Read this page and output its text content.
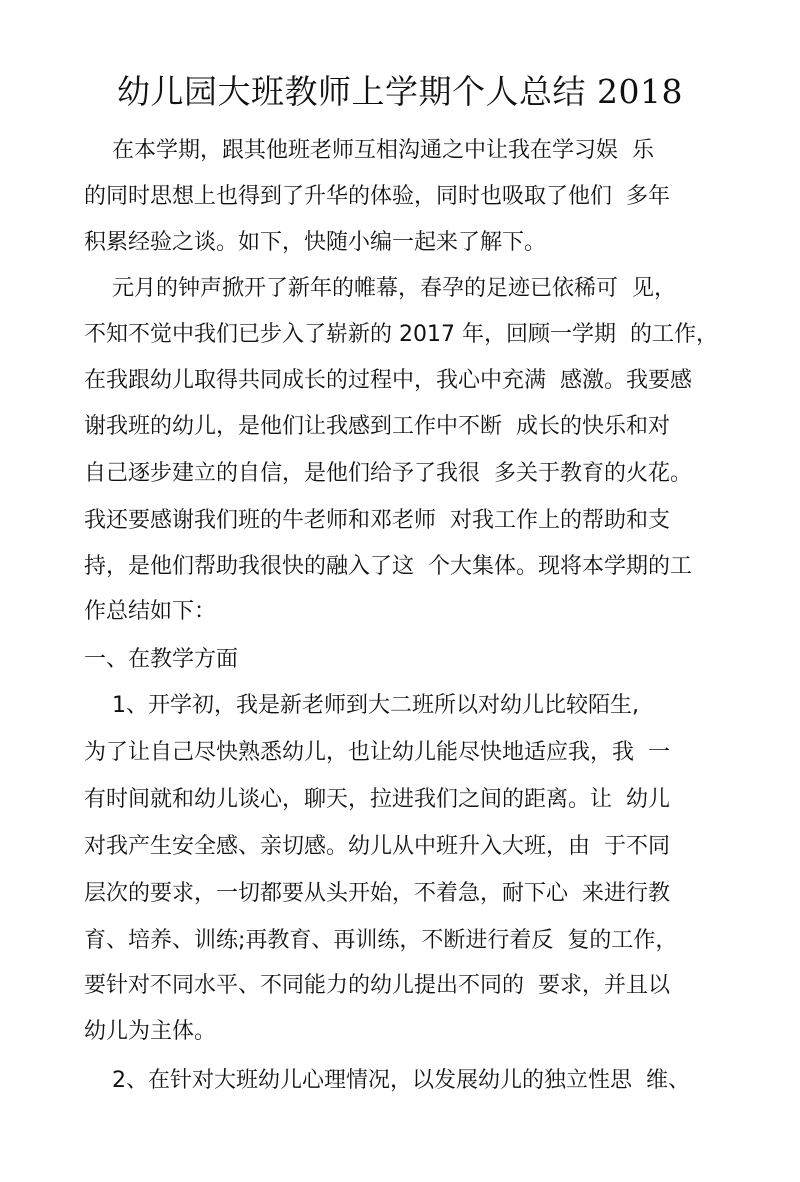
幼儿园大班教师上学期个人总结 2018

在本学期，跟其他班老师互相沟通之中让我在学习娱  乐

的同时思想上也得到了升华的体验，同时也吸取了他们  多年

积累经验之谈。如下，快随小编一起来了解下。

元月的钟声掀开了新年的帷幕，春孕的足迹已依稀可  见，

不知不觉中我们已步入了崭新的 2017 年，回顾一学期  的工作，

在我跟幼儿取得共同成长的过程中，我心中充满  感激。我要感

谢我班的幼儿，是他们让我感到工作中不断  成长的快乐和对

自己逐步建立的自信，是他们给予了我很  多关于教育的火花。

我还要感谢我们班的牛老师和邓老师  对我工作上的帮助和支

持，是他们帮助我很快的融入了这  个大集体。现将本学期的工

作总结如下：

一、在教学方面

1、开学初，我是新老师到大二班所以对幼儿比较陌生,

为了让自己尽快熟悉幼儿，也让幼儿能尽快地适应我，我  一

有时间就和幼儿谈心，聊天，拉进我们之间的距离。让  幼儿

对我产生安全感、亲切感。幼儿从中班升入大班，由  于不同

层次的要求，一切都要从头开始，不着急，耐下心  来进行教

育、培养、训练;再教育、再训练，不断进行着反  复的工作，

要针对不同水平、不同能力的幼儿提出不同的  要求，并且以

幼儿为主体。

2、在针对大班幼儿心理情况，以发展幼儿的独立性思  维、
